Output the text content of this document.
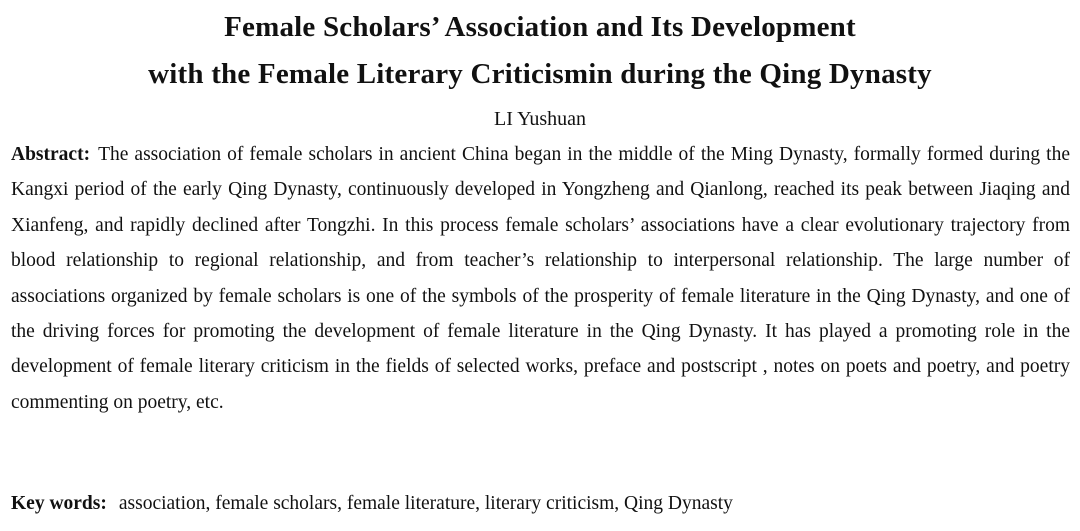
Female Scholars’ Association and Its Development
with the Female Literary Criticismin during the Qing Dynasty
LI Yushuan

Abstract: The association of female scholars in ancient China began in the middle of the Ming Dynasty, formally formed during the Kangxi period of the early Qing Dynasty, continuously developed in Yongzheng and Qianlong, reached its peak between Jiaqing and Xianfeng, and rapidly declined after Tongzhi. In this process female scholars’ associations have a clear evolutionary trajectory from blood relationship to regional relationship, and from teacher’s relationship to interpersonal relationship. The large number of associations organized by female scholars is one of the symbols of the prosperity of female literature in the Qing Dynasty, and one of the driving forces for promoting the development of female literature in the Qing Dynasty. It has played a promoting role in the development of female literary criticism in the fields of selected works, preface and postscript , notes on poets and poetry, and poetry commenting on poetry, etc.

Key words: association, female scholars, female literature, literary criticism, Qing Dynasty
